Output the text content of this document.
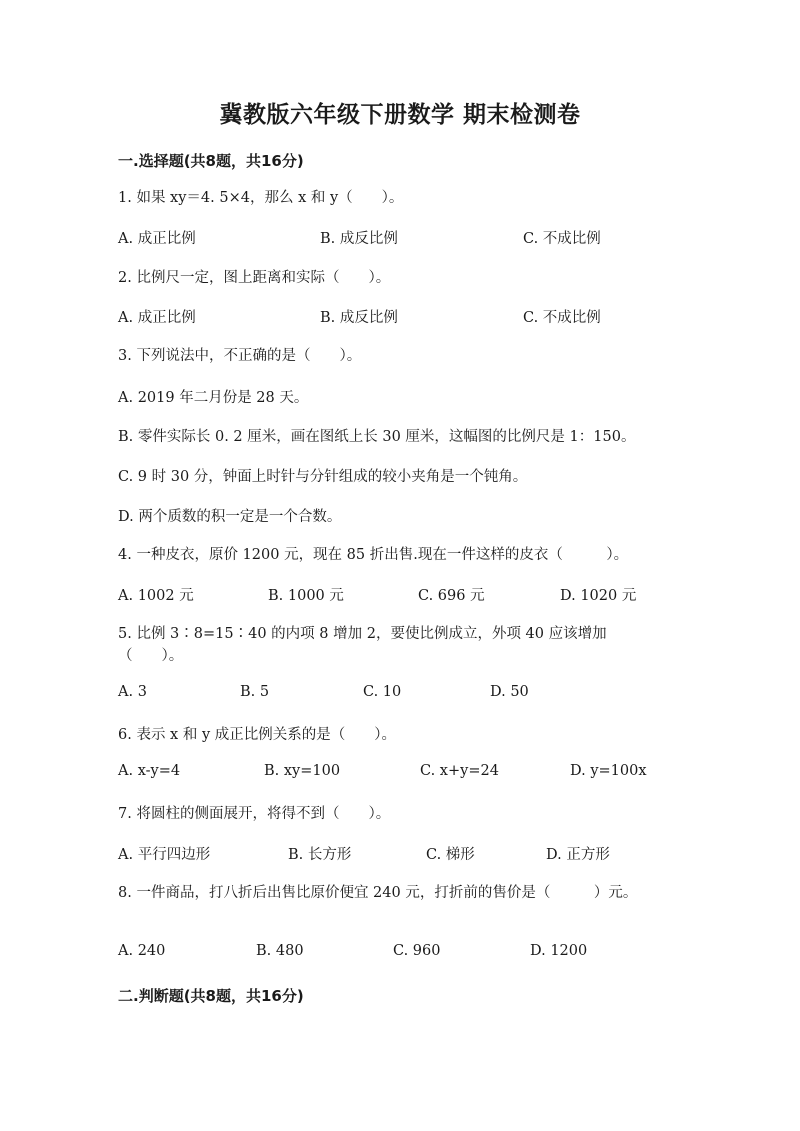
冀教版六年级下册数学 期末检测卷
一.选择题(共8题，共16分)
1. 如果 xy＝4. 5×4，那么 x 和 y（　　）。
A. 成正比例	B. 成反比例	C. 不成比例
2. 比例尺一定，图上距离和实际（　　）。
A. 成正比例	B. 成反比例	C. 不成比例
3. 下列说法中，不正确的是（　　）。
A. 2019 年二月份是 28 天。
B. 零件实际长 0. 2 厘米，画在图纸上长 30 厘米，这幅图的比例尺是 1：150。
C. 9 时 30 分，钟面上时针与分针组成的较小夹角是一个钝角。
D. 两个质数的积一定是一个合数。
4. 一种皮衣，原价 1200 元，现在 85 折出售.现在一件这样的皮衣（　　　）。
A. 1002 元	B. 1000 元	C. 696 元	D. 1020 元
5. 比例 3∶8=15∶40 的内项 8 增加 2，要使比例成立，外项 40 应该增加（　　）。
A. 3	B. 5	C. 10	D. 50
6. 表示 x 和 y 成正比例关系的是（　　）。
A. x-y=4	B. xy=100	C. x+y=24	D. y=100x
7. 将圆柱的侧面展开，将得不到（　　）。
A. 平行四边形	B. 长方形	C. 梯形	D. 正方形
8. 一件商品，打八折后出售比原价便宜 240 元，打折前的售价是（　　　）元。
A. 240	B. 480	C. 960	D. 1200
二.判断题(共8题，共16分)
